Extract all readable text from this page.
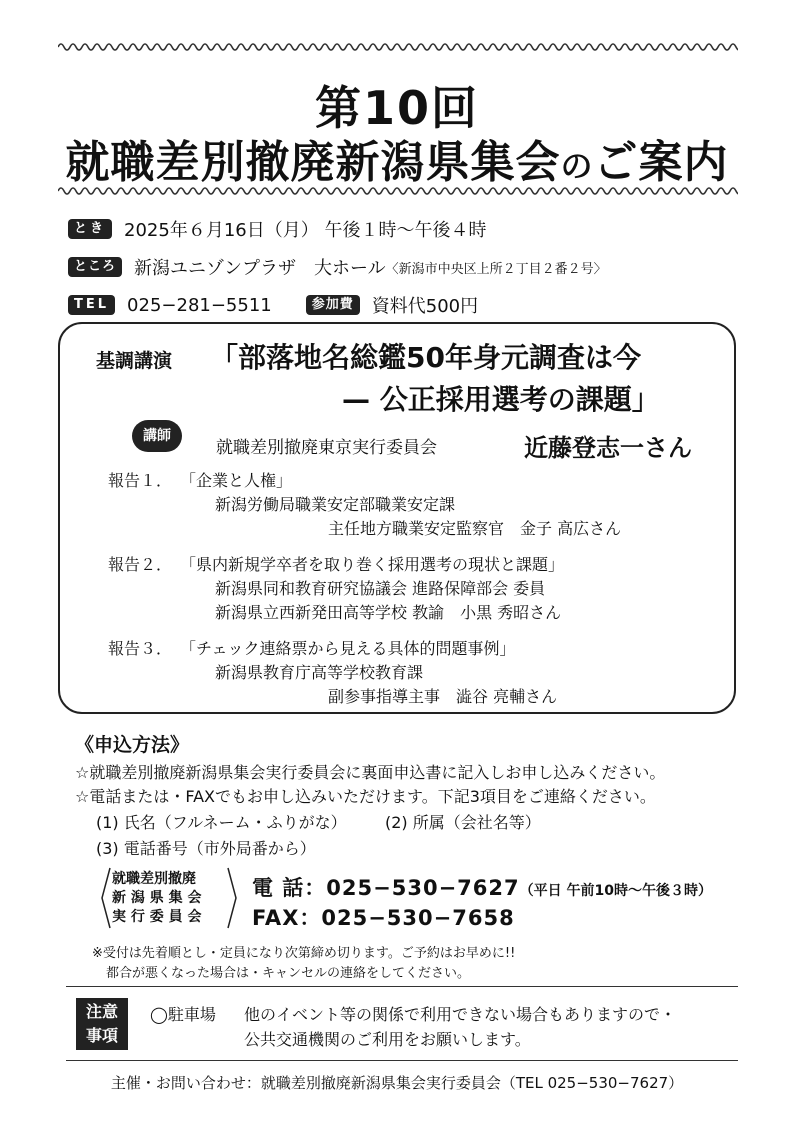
第10回
就職差別撤廃新潟県集会のご案内
とき	2025年６月16日（月） 午後１時～午後４時
ところ	新潟ユニゾンプラザ　大ホール 〈新潟市中央区上所２丁目２番２号〉
TEL	025−281−5511	参加費	資料代500円
基調講演 「部落地名総鑑50年身元調査は今
— 公正採用選考の課題」
講師
就職差別撤廃東京実行委員会	近藤登志一さん
報告１． 「企業と人権」
新潟労働局職業安定部職業安定課
主任地方職業安定監察官　金子 高広さん
報告２． 「県内新規学卒者を取り巻く採用選考の現状と課題」
新潟県同和教育研究協議会 進路保障部会 委員
新潟県立西新発田高等学校 教諭　小黒 秀昭さん
報告３． 「チェック連絡票から見える具体的問題事例」
新潟県教育庁高等学校教育課
副参事指導主事　澁谷 亮輔さん
《申込方法》
☆就職差別撤廃新潟県集会実行委員会に裏面申込書に記入しお申し込みください。
☆電話または・FAXでもお申し込みいただけます。下記3項目をご連絡ください。
(1) 氏名（フルネーム・ふりがな） (2) 所属（会社名等）
(3) 電話番号（市外局番から）
就職差別撤廃
新 潟 県 集 会
実 行 委 員 会
電 話：025−530−7627（平日 午前10時〜午後３時）
FAX：025−530−7658
※受付は先着順とし・定員になり次第締め切ります。ご予約はお早めに!!
都合が悪くなった場合は・キャンセルの連絡をしてください。
注意
事項
◯駐車場 他のイベント等の関係で利用できない場合もありますので・
公共交通機関のご利用をお願いします。
主催・お問い合わせ：就職差別撤廃新潟県集会実行委員会（TEL 025−530−7627）
